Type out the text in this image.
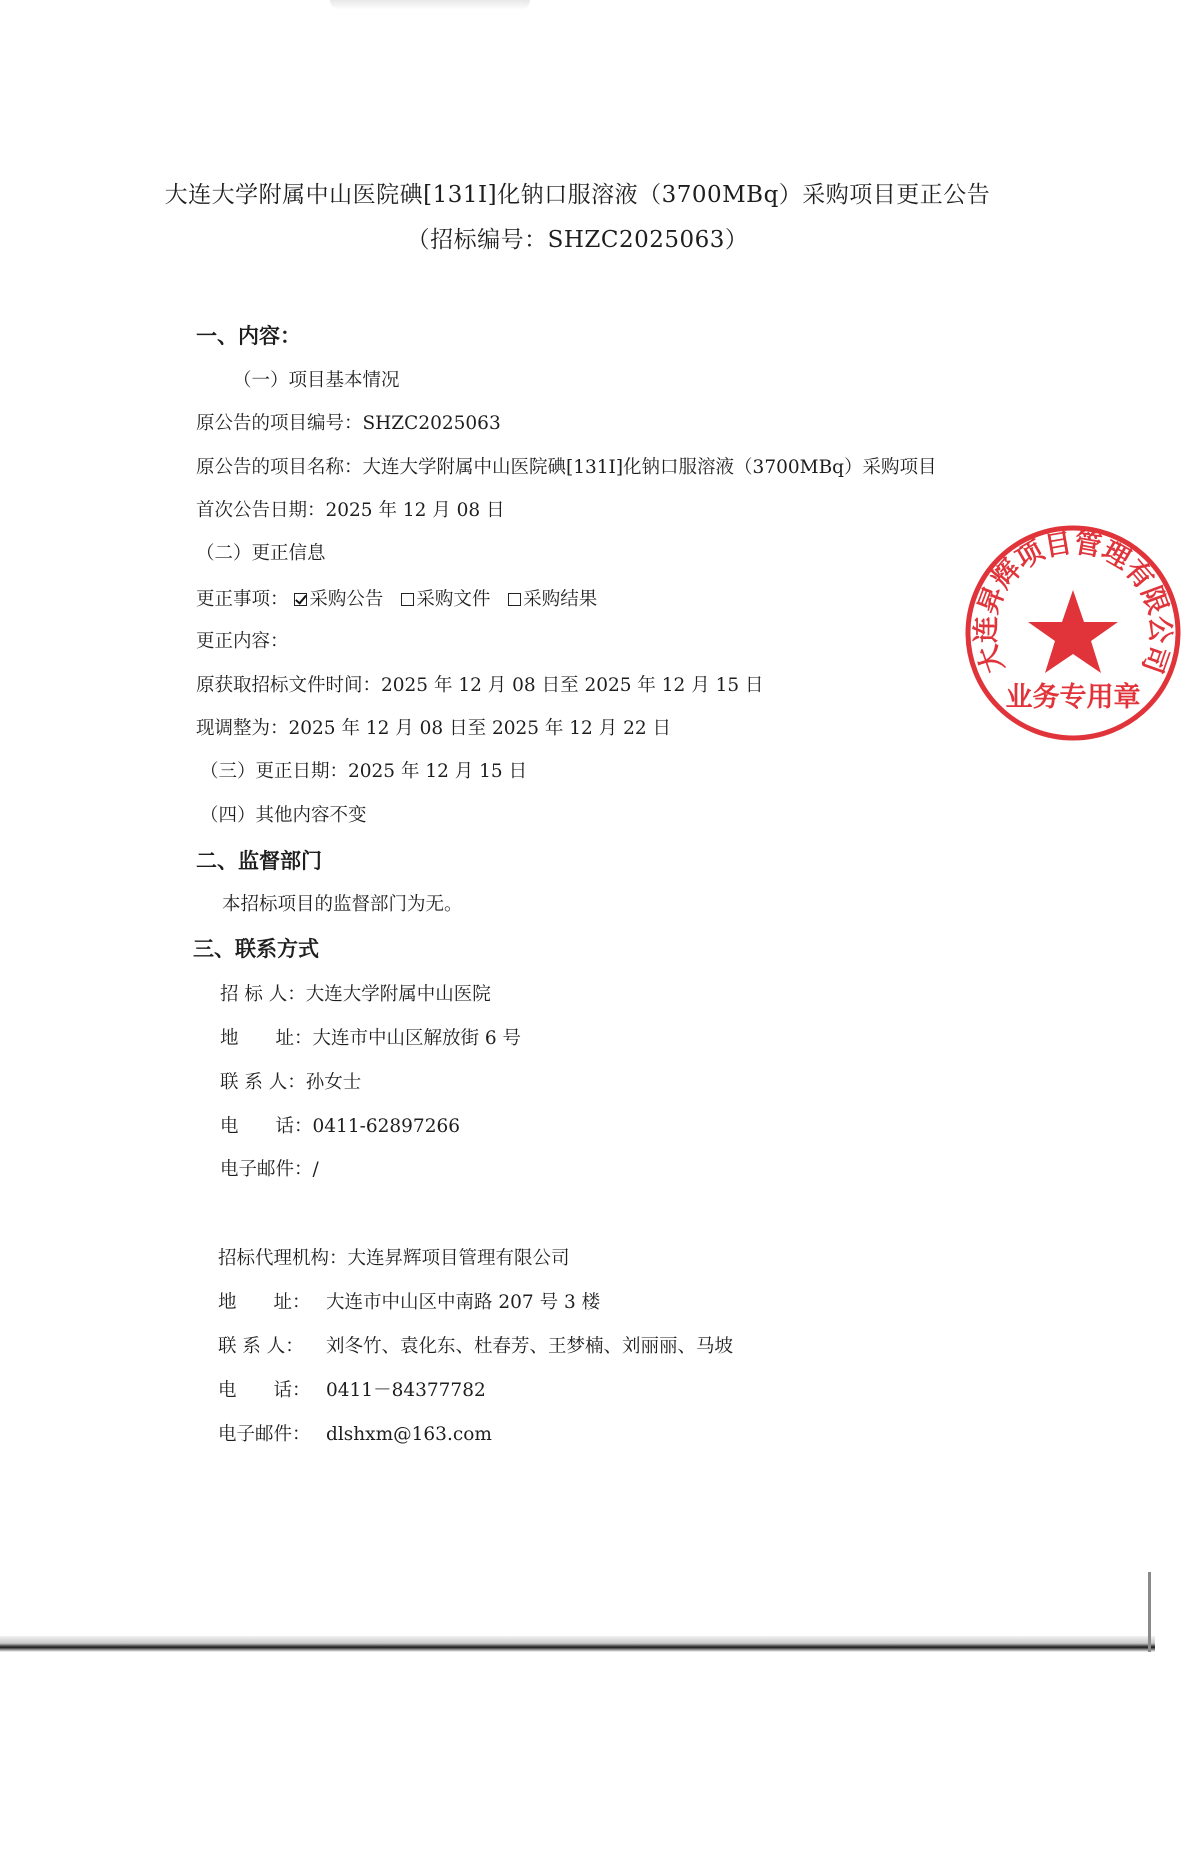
大连大学附属中山医院碘[131I]化钠口服溶液（3700MBq）采购项目更正公告
（招标编号：SHZC2025063）
一、内容：
（一）项目基本情况
原公告的项目编号：SHZC2025063
原公告的项目名称：大连大学附属中山医院碘[131I]化钠口服溶液（3700MBq）采购项目
首次公告日期：2025 年 12 月 08 日
（二）更正信息
更正事项： 采购公告 采购文件 采购结果
更正内容：
原获取招标文件时间：2025 年 12 月 08 日至 2025 年 12 月 15 日
现调整为：2025 年 12 月 08 日至 2025 年 12 月 22 日
（三）更正日期：2025 年 12 月 15 日
（四）其他内容不变
二、监督部门
本招标项目的监督部门为无。
三、联系方式
招 标 人：大连大学附属中山医院
地　　址：大连市中山区解放街 6 号
联 系 人：孙女士
电　　话：0411-62897266
电子邮件：/
招标代理机构：大连昇辉项目管理有限公司
地　　址： 大连市中山区中南路 207 号 3 楼
联 系 人： 刘冬竹、袁化东、杜春芳、王梦楠、刘丽丽、马坡
电　　话： 0411－84377782
电子邮件： dlshxm@163.com
大连昇辉项目管理有限公司
业务专用章
